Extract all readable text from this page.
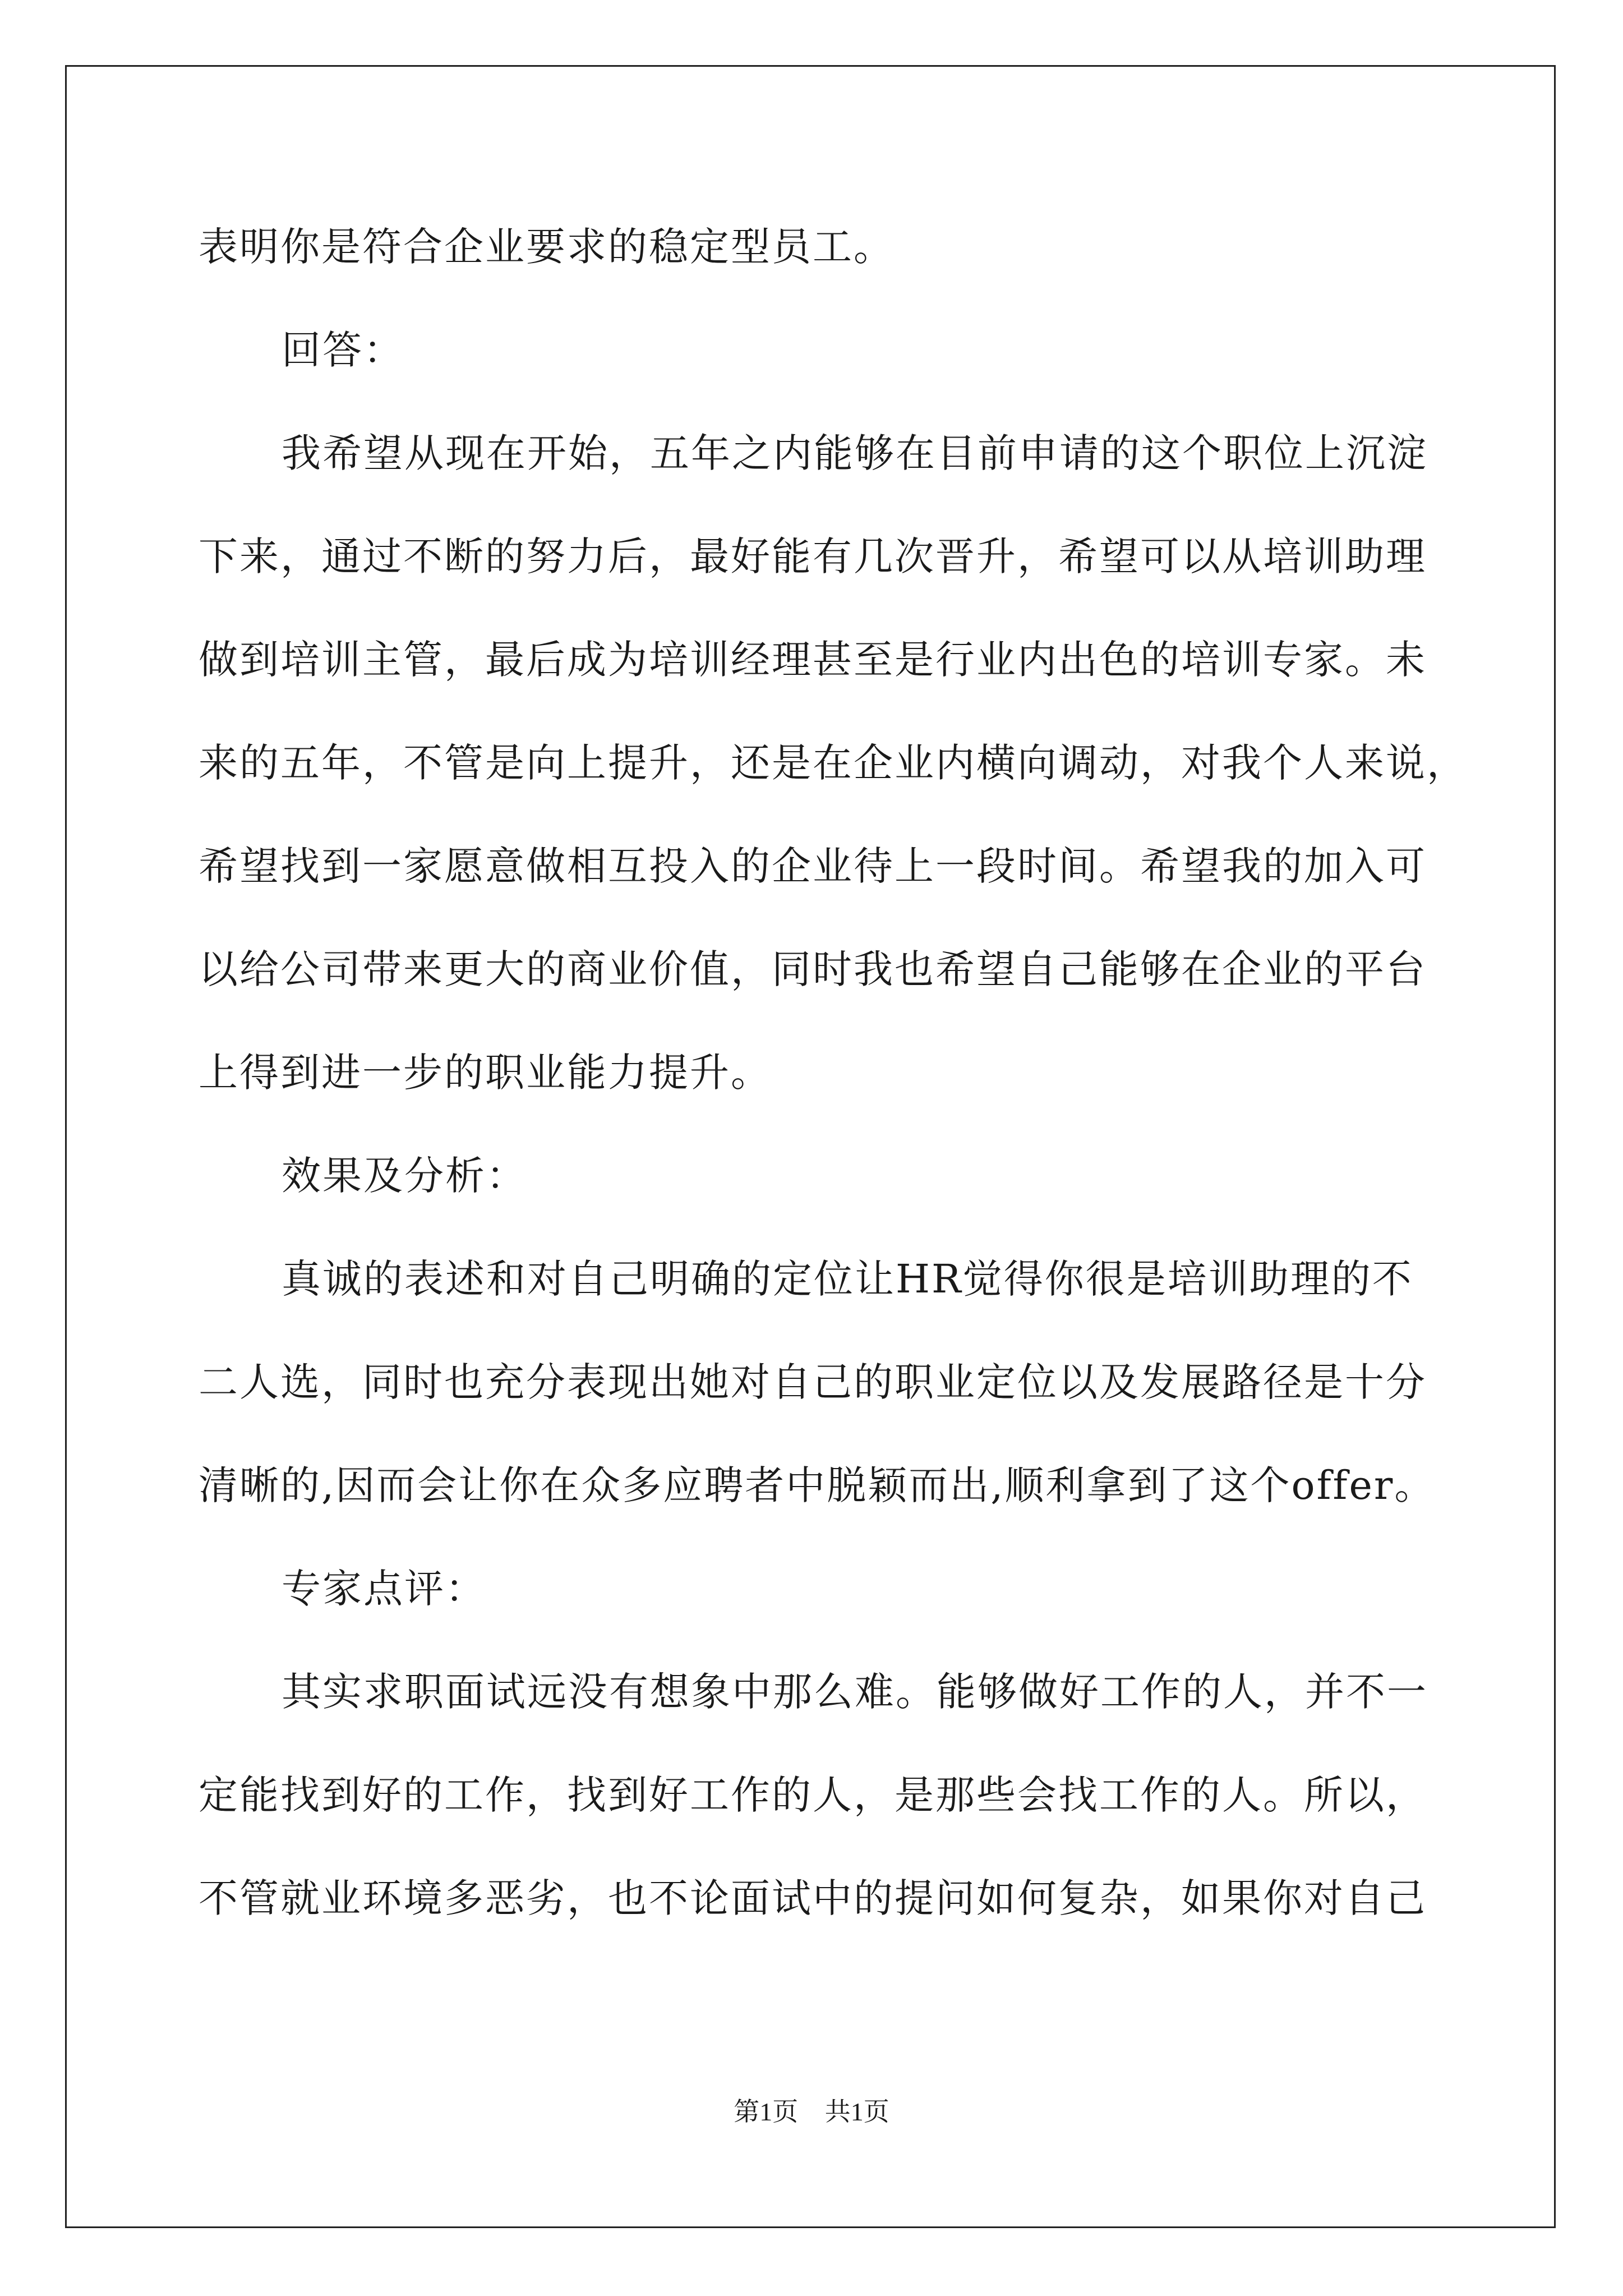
表明你是符合企业要求的稳定型员工。
回答：
我希望从现在开始，五年之内能够在目前申请的这个职位上沉淀
下来，通过不断的努力后，最好能有几次晋升，希望可以从培训助理
做到培训主管，最后成为培训经理甚至是行业内出色的培训专家。未
来的五年，不管是向上提升，还是在企业内横向调动，对我个人来说，
希望找到一家愿意做相互投入的企业待上一段时间。希望我的加入可
以给公司带来更大的商业价值，同时我也希望自己能够在企业的平台
上得到进一步的职业能力提升。
效果及分析：
真诚的表述和对自己明确的定位让HR觉得你很是培训助理的不
二人选，同时也充分表现出她对自己的职业定位以及发展路径是十分
清晰的,因而会让你在众多应聘者中脱颖而出,顺利拿到了这个offer。
专家点评：
其实求职面试远没有想象中那么难。能够做好工作的人，并不一
定能找到好的工作，找到好工作的人，是那些会找工作的人。所以，
不管就业环境多恶劣，也不论面试中的提问如何复杂，如果你对自己
第1页 共1页
